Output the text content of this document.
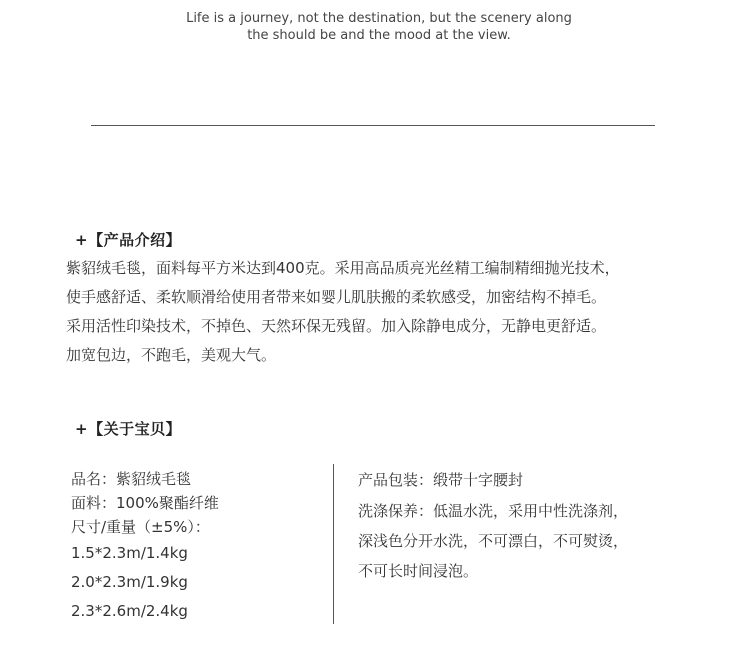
Life is a journey, not the destination, but the scenery along
the should be and the mood at the view.
+【产品介绍】
紫貂绒毛毯，面料每平方米达到400克。采用高品质亮光丝精工编制精细抛光技术，
使手感舒适、柔软顺滑给使用者带来如婴儿肌肤搬的柔软感受，加密结构不掉毛。
采用活性印染技术，不掉色、天然环保无残留。加入除静电成分，无静电更舒适。
加宽包边，不跑毛，美观大气。
+【关于宝贝】
品名：紫貂绒毛毯
面料：100%聚酯纤维
尺寸/重量（±5%）：
1.5*2.3m/1.4kg
2.0*2.3m/1.9kg
2.3*2.6m/2.4kg
产品包装：缎带十字腰封
洗涤保养：低温水洗，采用中性洗涤剂，
深浅色分开水洗，不可漂白，不可熨烫，
不可长时间浸泡。
